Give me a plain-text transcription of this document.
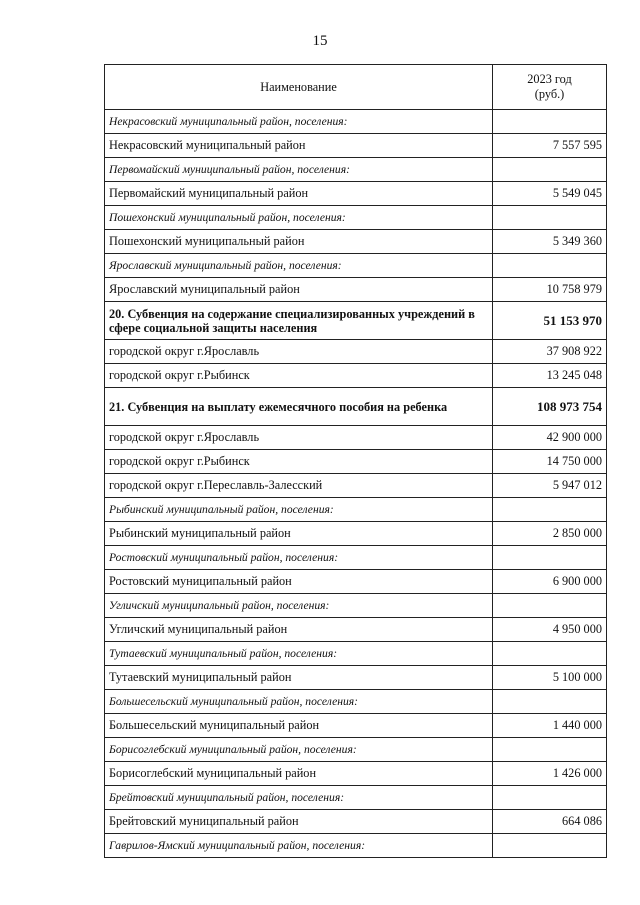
15
Наименование	2023 год
(руб.)
Некрасовский муниципальный район, поселения:	
Некрасовский муниципальный район	7 557 595
Первомайский муниципальный район, поселения:	
Первомайский муниципальный район	5 549 045
Пошехонский муниципальный район, поселения:	
Пошехонский муниципальный район	5 349 360
Ярославский муниципальный район, поселения:	
Ярославский муниципальный район	10 758 979
20. Субвенция на содержание специализированных учреждений в сфере социальной защиты населения	51 153 970
городской округ г.Ярославль	37 908 922
городской округ г.Рыбинск	13 245 048
21. Субвенция на выплату ежемесячного пособия на ребенка	108 973 754
городской округ г.Ярославль	42 900 000
городской округ г.Рыбинск	14 750 000
городской округ г.Переславль-Залесский	5 947 012
Рыбинский муниципальный район, поселения:	
Рыбинский муниципальный район	2 850 000
Ростовский муниципальный район, поселения:	
Ростовский муниципальный район	6 900 000
Угличский муниципальный район, поселения:	
Угличский муниципальный район	4 950 000
Тутаевский муниципальный район, поселения:	
Тутаевский муниципальный район	5 100 000
Большесельский муниципальный район, поселения:	
Большесельский муниципальный район	1 440 000
Борисоглебский муниципальный район, поселения:	
Борисоглебский муниципальный район	1 426 000
Брейтовский муниципальный район, поселения:	
Брейтовский муниципальный район	664 086
Гаврилов-Ямский муниципальный район, поселения:	
